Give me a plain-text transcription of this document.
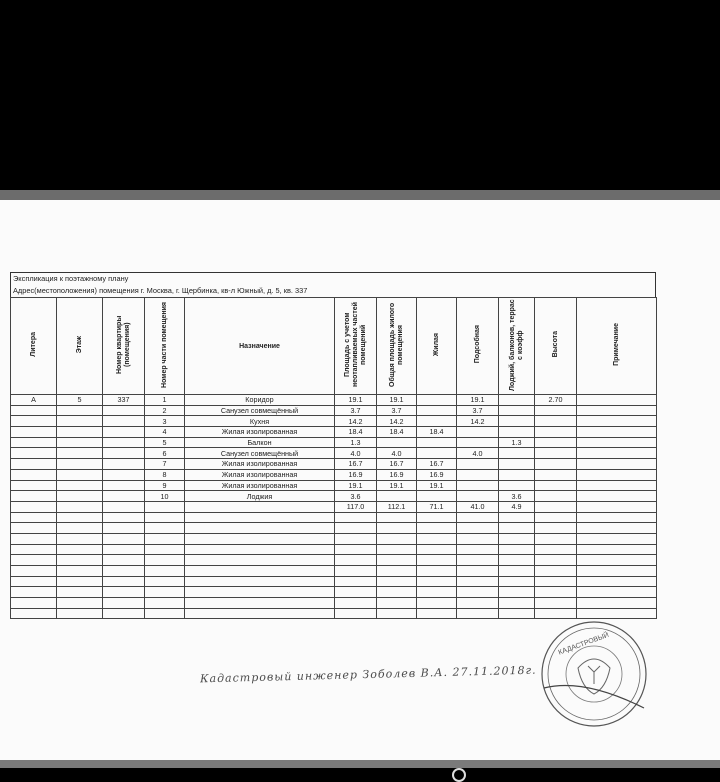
Экспликация к поэтажному плану
Адрес(местоположения) помещения г. Москва, г. Щербинка, кв-л Южный, д. 5, кв. 337
Литера	Этаж	Номер квартиры (помещения)	Номер части помещения	Назначение	Площадь с учетом неотапливаемых частей помещений	Общая площадь жилого помещения	Жилая	Подсобная	Лоджий, балконов, террас с коэфф	Высота	Примечание
А	5	337	1	Коридор	19.1	19.1		19.1		2.70	
			2	Санузел совмещённый	3.7	3.7		3.7			
			3	Кухня	14.2	14.2		14.2			
			4	Жилая изолированная	18.4	18.4	18.4				
			5	Балкон	1.3				1.3		
			6	Санузел совмещённый	4.0	4.0		4.0			
			7	Жилая изолированная	16.7	16.7	16.7				
			8	Жилая изолированная	16.9	16.9	16.9				
			9	Жилая изолированная	19.1	19.1	19.1				
			10	Лоджия	3.6				3.6		
					117.0	112.1	71.1	41.0	4.9		

Кадастровый инженер Зоболев В.А. 27.11.2018г.
КАДАСТРОВЫЙ
